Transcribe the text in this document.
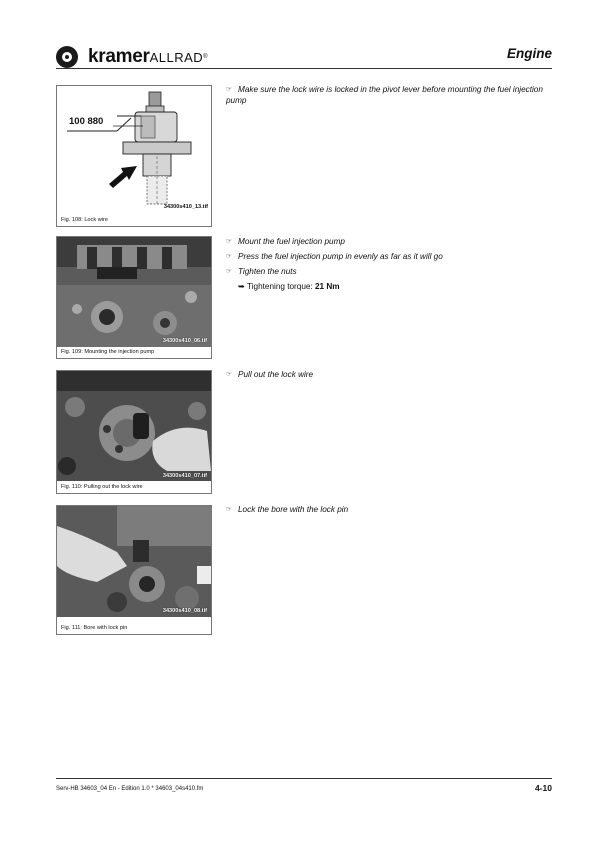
kramerALLRAD®	Engine
100 880
34300s410_13.tif
Fig. 108: Lock wire
34300s410_06.tif
Fig. 109: Mounting the injection pump
34300s410_07.tif
Fig. 110: Pulling out the lock wire
34300s410_08.tif
Fig. 111: Bore with lock pin
☞ Make sure the lock wire is locked in the pivot lever before mounting the fuel injection pump
☞ Mount the fuel injection pump
☞ Press the fuel injection pump in evenly as far as it will go
☞ Tighten the nuts
➥ Tightening torque: 21 Nm
☞ Pull out the lock wire
☞ Lock the bore with the lock pin
Serv-HB 34603_04 En - Edition 1.0 * 34603_04s410.fm	4-10
